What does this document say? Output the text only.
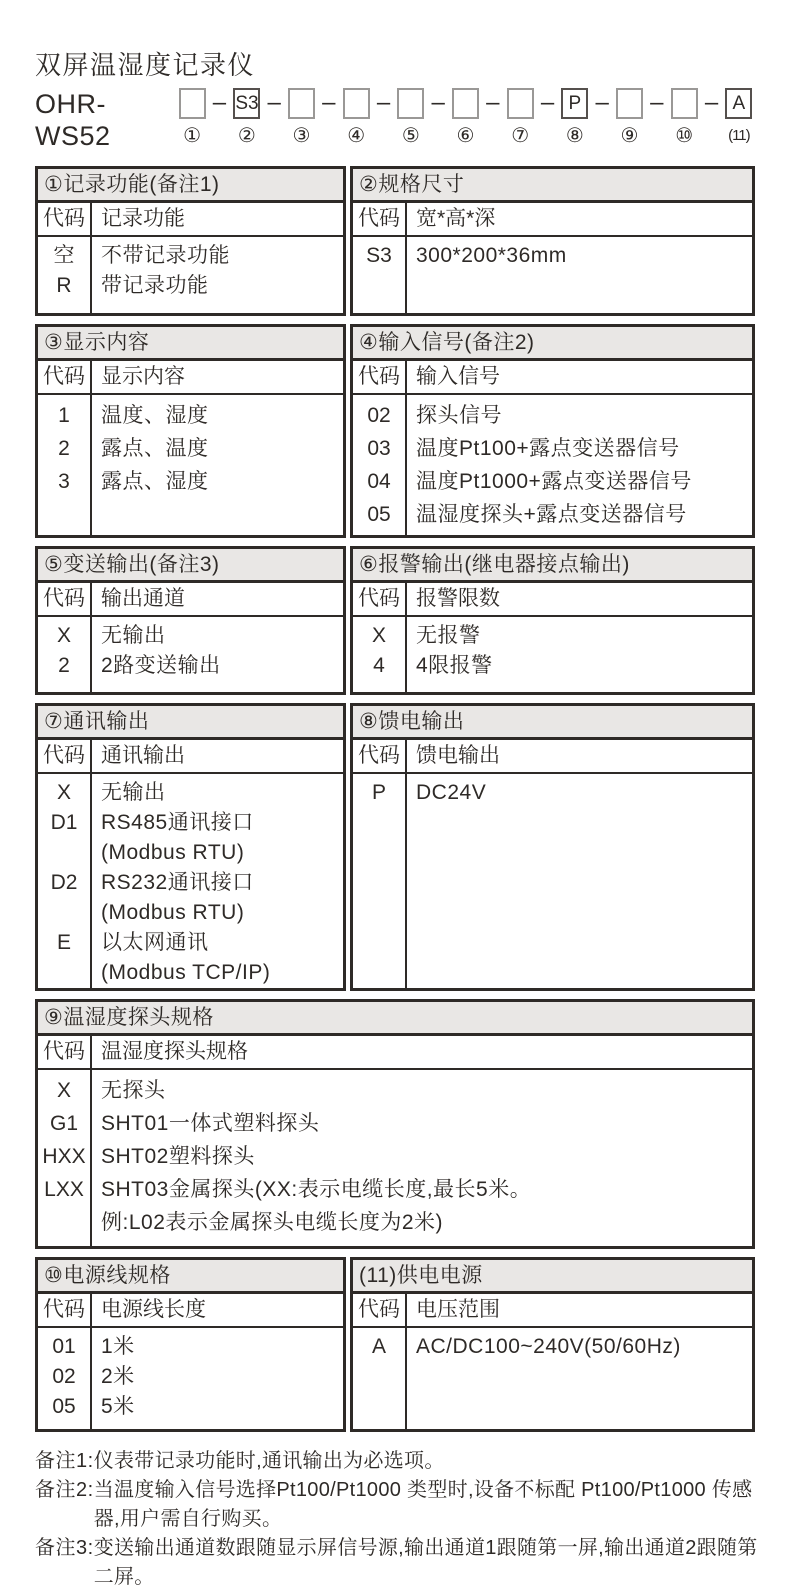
双屏温湿度记录仪
OHR-WS52	①
– S3
②
–
③
–
④
–
⑤
–
⑥
–
⑦
– P
⑧
–
⑨
–
⑩
– A
(11)
①记录功能(备注1)
代码 记录功能
空	不带记录功能
R	带记录功能
②规格尺寸
代码 宽*高*深
S3	300*200*36mm
③显示内容
代码 显示内容
1	温度、湿度
2	露点、温度
3	露点、湿度
④输入信号(备注2)
代码 输入信号
02	探头信号
03	温度Pt100+露点变送器信号
04	温度Pt1000+露点变送器信号
05	温湿度探头+露点变送器信号
⑤变送输出(备注3)
代码 输出通道
X	无输出
2	2路变送输出
⑥报警输出(继电器接点输出)
代码 报警限数
X	无报警
4	4限报警
⑦通讯输出
代码 通讯输出
X	无输出
D1	RS485通讯接口
(Modbus RTU)
D2	RS232通讯接口
(Modbus RTU)
E	以太网通讯
(Modbus TCP/IP)
⑧馈电输出
代码 馈电输出
P	DC24V
⑨温湿度探头规格
代码 温湿度探头规格
X	无探头
G1	SHT01一体式塑料探头
HXX SHT02塑料探头
LXX SHT03金属探头(XX:表示电缆长度,最长5米。
例:L02表示金属探头电缆长度为2米)
⑩电源线规格
代码 电源线长度
01	1米
02	2米
05	5米
(11)供电电源
代码 电压范围
A	AC/DC100~240V(50/60Hz)
备注1: 仪表带记录功能时,通讯输出为必选项。
备注2: 当温度输入信号选择Pt100/Pt1000 类型时,设备不标配 Pt100/Pt1000 传感器,用户需自行购买。
备注3: 变送输出通道数跟随显示屏信号源,输出通道1跟随第一屏,输出通道2跟随第二屏。
